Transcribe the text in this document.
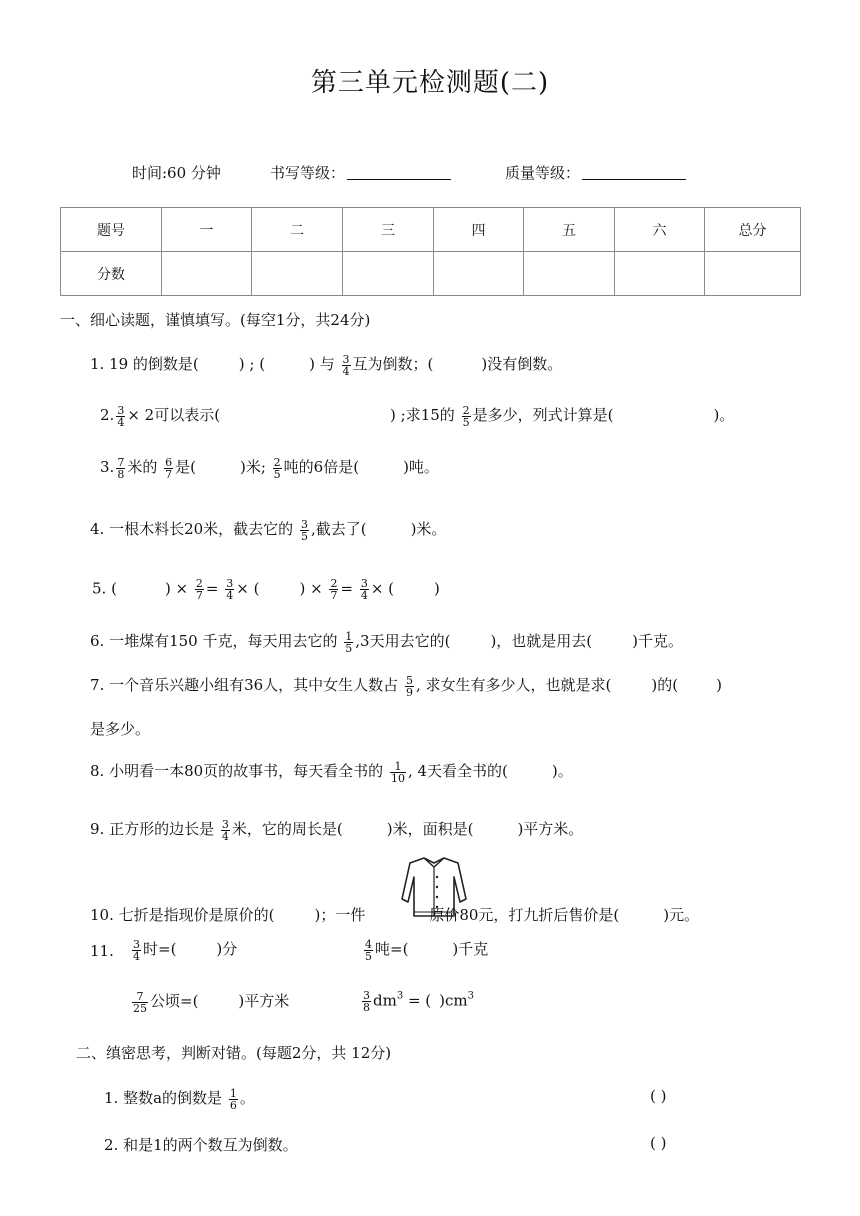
第三单元检测题(二)
时间:60 分钟	书写等级：	质量等级：
题号	一	二	三	四	五	六	总分
分数							
一、细心读题，谨慎填写。(每空1分，共24分)
1. 19 的倒数是(	) ; (	) 与 $\frac{3}{4}$ 互为倒数；(	)没有倒数。
2. $\frac{3}{4} \times 2$可以表示(	) ;求15的 $\frac{2}{5}$ 是多少，列式计算是(	)。
3. $\frac{7}{8}$ 米的 $\frac{6}{7}$ 是(	)米; $\frac{2}{5}$ 吨的6倍是(	)吨。
4. 一根木料长20米，截去它的 $\frac{3}{5}$ ,截去了(	)米。
5. (	) × $\frac{2}{7} = \frac{3}{4}$ × (	) × $\frac{2}{7} = \frac{3}{4}$ × (	)
6. 一堆煤有150 千克，每天用去它的 $\frac{1}{5} ,3$天用去它的(	)，也就是用去(	)千克。
7. 一个音乐兴趣小组有36人，其中女生人数占 $\frac{5}{9}$ , 求女生有多少人，也就是求(	)的(	)
是多少。
8. 小明看一本80页的故事书，每天看全书的 $\frac{1}{10}$ , 4天看全书的(	)。
9. 正方形的边长是 $\frac{3}{4}$ 米，它的周长是(	)米，面积是(	)平方米。
10. 七折是指现价是原价的(	)；一件	原价80元，打九折后售价是(	)元。
11. $\frac{3}{4}$ 时=(	)分	$\frac{4}{5}$ 吨=(	)千克
$\frac{7}{25}$ 公顷=(	)平方米	$\frac{3}{8} dm^3$ = ( )$cm^3$
二、缜密思考，判断对错。(每题2分，共 12分)
1. 整数a的倒数是 $\frac{1}{6}$ 。	( )
2. 和是1的两个数互为倒数。	( )
